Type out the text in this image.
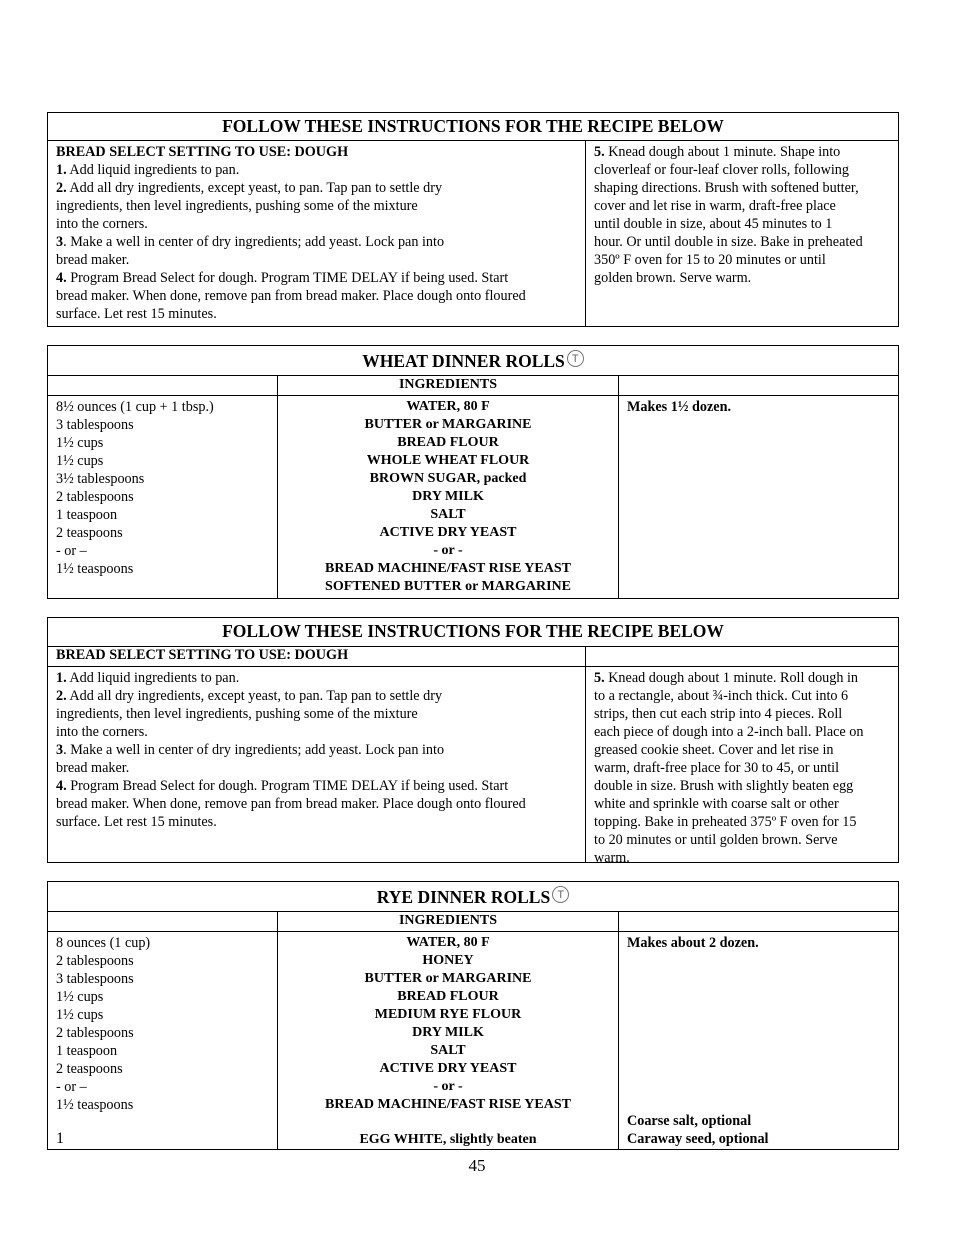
FOLLOW THESE INSTRUCTIONS FOR THE RECIPE BELOW
BREAD SELECT SETTING TO USE: DOUGH
1. Add liquid ingredients to pan.
2. Add all dry ingredients, except yeast, to pan. Tap pan to settle dry
ingredients, then level ingredients, pushing some of the mixture
into the corners.
3. Make a well in center of dry ingredients; add yeast. Lock pan into
bread maker.
4. Program Bread Select for dough. Program TIME DELAY if being used. Start
bread maker. When done, remove pan from bread maker. Place dough onto floured
surface. Let rest 15 minutes.
5. Knead dough about 1 minute. Shape into
cloverleaf or four-leaf clover rolls, following
shaping directions. Brush with softened butter,
cover and let rise in warm, draft-free place
until double in size, about 45 minutes to 1
hour. Or until double in size. Bake in preheated
350º F oven for 15 to 20 minutes or until
golden brown. Serve warm.
WHEAT DINNER ROLLS T
INGREDIENTS
8½ ounces (1 cup + 1 tbsp.)
3 tablespoons
1½ cups
1½ cups
3½ tablespoons
2 tablespoons
1 teaspoon
2 teaspoons
- or –
1½ teaspoons
WATER, 80 F
BUTTER or MARGARINE
BREAD FLOUR
WHOLE WHEAT FLOUR
BROWN SUGAR, packed
DRY MILK
SALT
ACTIVE DRY YEAST
- or -
BREAD MACHINE/FAST RISE YEAST
SOFTENED BUTTER or MARGARINE
Makes 1½ dozen.
FOLLOW THESE INSTRUCTIONS FOR THE RECIPE BELOW
BREAD SELECT SETTING TO USE: DOUGH
1. Add liquid ingredients to pan.
2. Add all dry ingredients, except yeast, to pan. Tap pan to settle dry
ingredients, then level ingredients, pushing some of the mixture
into the corners.
3. Make a well in center of dry ingredients; add yeast. Lock pan into
bread maker.
4. Program Bread Select for dough. Program TIME DELAY if being used. Start
bread maker. When done, remove pan from bread maker. Place dough onto floured
surface. Let rest 15 minutes.
5. Knead dough about 1 minute. Roll dough in
to a rectangle, about ¾-inch thick. Cut into 6
strips, then cut each strip into 4 pieces. Roll
each piece of dough into a 2-inch ball. Place on
greased cookie sheet. Cover and let rise in
warm, draft-free place for 30 to 45, or until
double in size. Brush with slightly beaten egg
white and sprinkle with coarse salt or other
topping. Bake in preheated 375º F oven for 15
to 20 minutes or until golden brown. Serve
warm.
RYE DINNER ROLLS T
INGREDIENTS
8 ounces (1 cup)
2 tablespoons
3 tablespoons
1½ cups
1½ cups
2 tablespoons
1 teaspoon
2 teaspoons
- or –
1½ teaspoons
1
WATER, 80 F
HONEY
BUTTER or MARGARINE
BREAD FLOUR
MEDIUM RYE FLOUR
DRY MILK
SALT
ACTIVE DRY YEAST
- or -
BREAD MACHINE/FAST RISE YEAST
EGG WHITE, slightly beaten
Makes about 2 dozen.
Coarse salt, optional
Caraway seed, optional
45
